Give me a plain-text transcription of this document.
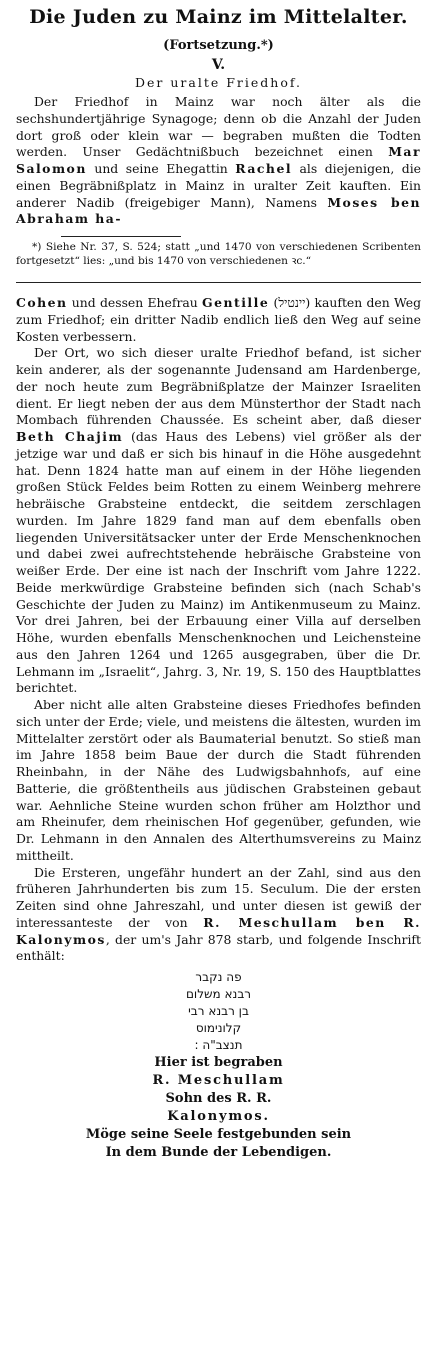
Die Juden zu Mainz im Mittelalter.
(Fortsetzung.*)
V.
Der uralte Friedhof.

Der Friedhof in Mainz war noch älter als die sechshundertjährige Synagoge; denn ob die Anzahl der Juden dort groß oder klein war — begraben mußten die Todten werden. Unser Gedächtnißbuch bezeichnet einen Mar Salomon und seine Ehegattin Rachel als diejenigen, die einen Begräbnißplatz in Mainz in uralter Zeit kauften. Ein anderer Nadib (freigebiger Mann), Namens Moses ben Abraham ha-

*) Siehe Nr. 37, S. 524; statt „und 1470 von verschiedenen Scribenten fortgesetzt“ lies: „und bis 1470 von verschiedenen ꝛc.“

Cohen und dessen Ehefrau Gentille (יינטיל) kauften den Weg zum Friedhof; ein dritter Nadib endlich ließ den Weg auf seine Kosten verbessern.

Der Ort, wo sich dieser uralte Friedhof befand, ist sicher kein anderer, als der sogenannte Judensand am Hardenberge, der noch heute zum Begräbnißplatze der Mainzer Israeliten dient. Er liegt neben der aus dem Münsterthor der Stadt nach Mombach führenden Chaussée. Es scheint aber, daß dieser Beth Chajim (das Haus des Lebens) viel größer als der jetzige war und daß er sich bis hinauf in die Höhe ausgedehnt hat. Denn 1824 hatte man auf einem in der Höhe liegenden großen Stück Feldes beim Rotten zu einem Weinberg mehrere hebräische Grabsteine entdeckt, die seitdem zerschlagen wurden. Im Jahre 1829 fand man auf dem ebenfalls oben liegenden Universitätsacker unter der Erde Menschenknochen und dabei zwei aufrechtstehende hebräische Grabsteine von weißer Erde. Der eine ist nach der Inschrift vom Jahre 1222. Beide merkwürdige Grabsteine befinden sich (nach Schab's Geschichte der Juden zu Mainz) im Antikenmuseum zu Mainz. Vor drei Jahren, bei der Erbauung einer Villa auf derselben Höhe, wurden ebenfalls Menschenknochen und Leichensteine aus den Jahren 1264 und 1265 ausgegraben, über die Dr. Lehmann im „Israelit“, Jahrg. 3, Nr. 19, S. 150 des Hauptblattes berichtet.

Aber nicht alle alten Grabsteine dieses Friedhofes befinden sich unter der Erde; viele, und meistens die ältesten, wurden im Mittelalter zerstört oder als Baumaterial benutzt. So stieß man im Jahre 1858 beim Baue der durch die Stadt führenden Rheinbahn, in der Nähe des Ludwigsbahnhofs, auf eine Batterie, die größtentheils aus jüdischen Grabsteinen gebaut war. Aehnliche Steine wurden schon früher am Holzthor und am Rheinufer, dem rheinischen Hof gegenüber, gefunden, wie Dr. Lehmann in den Annalen des Alterthumsvereins zu Mainz mittheilt.

Die Ersteren, ungefähr hundert an der Zahl, sind aus den früheren Jahrhunderten bis zum 15. Seculum. Die der ersten Zeiten sind ohne Jahreszahl, und unter diesen ist gewiß der interessanteste der von R. Meschullam ben R. Kalonymos, der um's Jahr 878 starb, und folgende Inschrift enthält:

פה נקבר
רבנא משלום
בן רבנא רבי
קלונימוס
תנצב"ה :
Hier ist begraben
R. Meschullam
Sohn des R. R.
Kalonymos.
Möge seine Seele festgebunden sein
In dem Bunde der Lebendigen.
